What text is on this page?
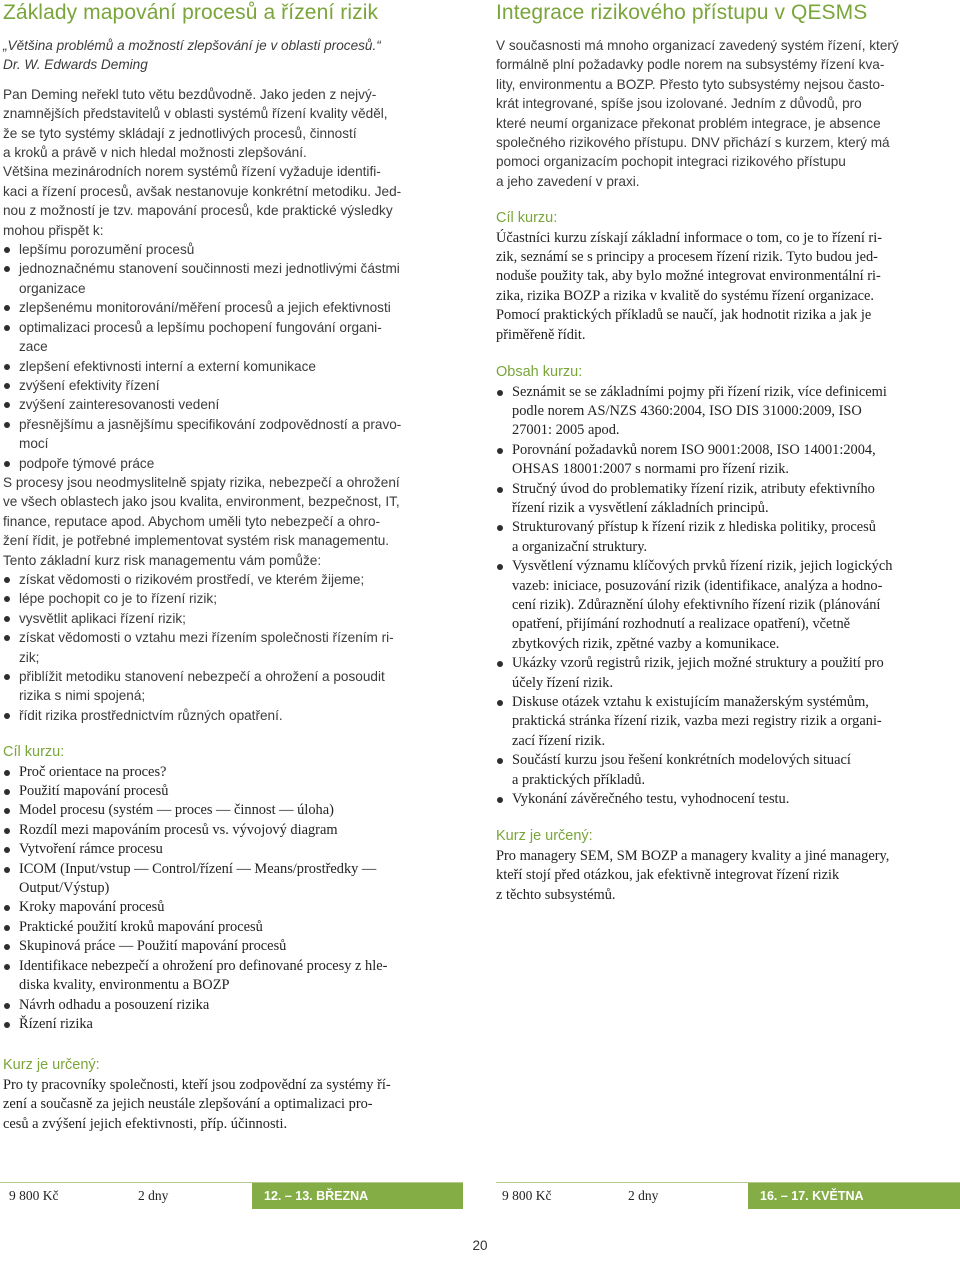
Základy mapování procesů a řízení rizik

„Většina problémů a možností zlepšování je v oblasti procesů.“

Dr. W. Edwards Deming

Pan Deming neřekl tuto větu bezdůvodně. Jako jeden z nejvý-

znamnějších představitelů v oblasti systémů řízení kvality věděl,

že se tyto systémy skládají z jednotlivých procesů, činností

a kroků a právě v nich hledal možnosti zlepšování.

Většina mezinárodních norem systémů řízení vyžaduje identifi-

kaci a řízení procesů, avšak nestanovuje konkrétní metodiku. Jed-

nou z možností je tzv. mapování procesů, kde praktické výsledky

mohou přispět k:

lepšímu porozumění procesů
jednoznačnému stanovení součinnosti mezi jednotlivými částmi
organizace
zlepšenému monitorování/měření procesů a jejich efektivnosti
optimalizaci procesů a lepšímu pochopení fungování organi-
zace
zlepšení efektivnosti interní a externí komunikace
zvýšení efektivity řízení
zvýšení zainteresovanosti vedení
přesnějšímu a jasnějšímu specifikování zodpovědností a pravo-
mocí
podpoře týmové práce

S procesy jsou neodmyslitelně spjaty rizika, nebezpečí a ohrožení

ve všech oblastech jako jsou kvalita, environment, bezpečnost, IT,

finance, reputace apod. Abychom uměli tyto nebezpečí a ohro-

žení řídit, je potřebné implementovat systém risk managementu.

Tento základní kurz risk managementu vám pomůže:

získat vědomosti o rizikovém prostředí, ve kterém žijeme;
lépe pochopit co je to řízení rizik;
vysvětlit aplikaci řízení rizik;
získat vědomosti o vztahu mezi řízením společnosti řízením ri-
zik;
přiblížit metodiku stanovení nebezpečí a ohrožení a posoudit
rizika s nimi spojená;
řídit rizika prostřednictvím různých opatření.
Cíl kurzu:
Proč orientace na proces?
Použití mapování procesů
Model procesu (systém — proces — činnost — úloha)
Rozdíl mezi mapováním procesů vs. vývojový diagram
Vytvoření rámce procesu
ICOM (Input/vstup — Control/řízení — Means/prostředky —
Output/Výstup)
Kroky mapování procesů
Praktické použití kroků mapování procesů
Skupinová práce — Použití mapování procesů
Identifikace nebezpečí a ohrožení pro definované procesy z hle-
diska kvality, environmentu a BOZP
Návrh odhadu a posouzení rizika
Řízení rizika
Kurz je určený:

Pro ty pracovníky společnosti, kteří jsou zodpovědní za systémy ří-

zení a současně za jejich neustále zlepšování a optimalizaci pro-

cesů a zvýšení jejich efektivnosti, příp. účinnosti.

Integrace rizikového přístupu v QESMS

V současnosti má mnoho organizací zavedený systém řízení, který

formálně plní požadavky podle norem na subsystémy řízení kva-

lity, environmentu a BOZP. Přesto tyto subsystémy nejsou často-

krát integrované, spíše jsou izolované. Jedním z důvodů, pro

které neumí organizace překonat problém integrace, je absence

společného rizikového přístupu. DNV přichází s kurzem, který má

pomoci organizacím pochopit integraci rizikového přístupu

a jeho zavedení v praxi.

Cíl kurzu:

Účastníci kurzu získají základní informace o tom, co je to řízení ri-

zik, seznámí se s principy a procesem řízení rizik. Tyto budou jed-

noduše použity tak, aby bylo možné integrovat environmentální ri-

zika, rizika BOZP a rizika v kvalitě do systému řízení organizace.

Pomocí praktických příkladů se naučí, jak hodnotit rizika a jak je

přiměřeně řídit.

Obsah kurzu:
Seznámit se se základními pojmy při řízení rizik, více definicemi
podle norem AS/NZS 4360:2004, ISO DIS 31000:2009, ISO
27001: 2005 apod.
Porovnání požadavků norem ISO 9001:2008, ISO 14001:2004,
OHSAS 18001:2007 s normami pro řízení rizik.
Stručný úvod do problematiky řízení rizik, atributy efektivního
řízení rizik a vysvětlení základních principů.
Strukturovaný přístup k řízení rizik z hlediska politiky, procesů
a organizační struktury.
Vysvětlení významu klíčových prvků řízení rizik, jejich logických
vazeb: iniciace, posuzování rizik (identifikace, analýza a hodno-
cení rizik). Zdůraznění úlohy efektivního řízení rizik (plánování
opatření, přijímání rozhodnutí a realizace opatření), včetně
zbytkových rizik, zpětné vazby a komunikace.
Ukázky vzorů registrů rizik, jejich možné struktury a použití pro
účely řízení rizik.
Diskuse otázek vztahu k existujícím manažerským systémům,
praktická stránka řízení rizik, vazba mezi registry rizik a organi-
zací řízení rizik.
Součástí kurzu jsou řešení konkrétních modelových situací
a praktických příkladů.
Vykonání závěrečného testu, vyhodnocení testu.
Kurz je určený:

Pro managery SEM, SM BOZP a managery kvality a jiné managery,

kteří stojí před otázkou, jak efektivně integrovat řízení rizik

z těchto subsystémů.

9 800 Kč	2 dny	12. – 13. BŘEZNA	9 800 Kč	2 dny	16. – 17. KVĚTNA
20
